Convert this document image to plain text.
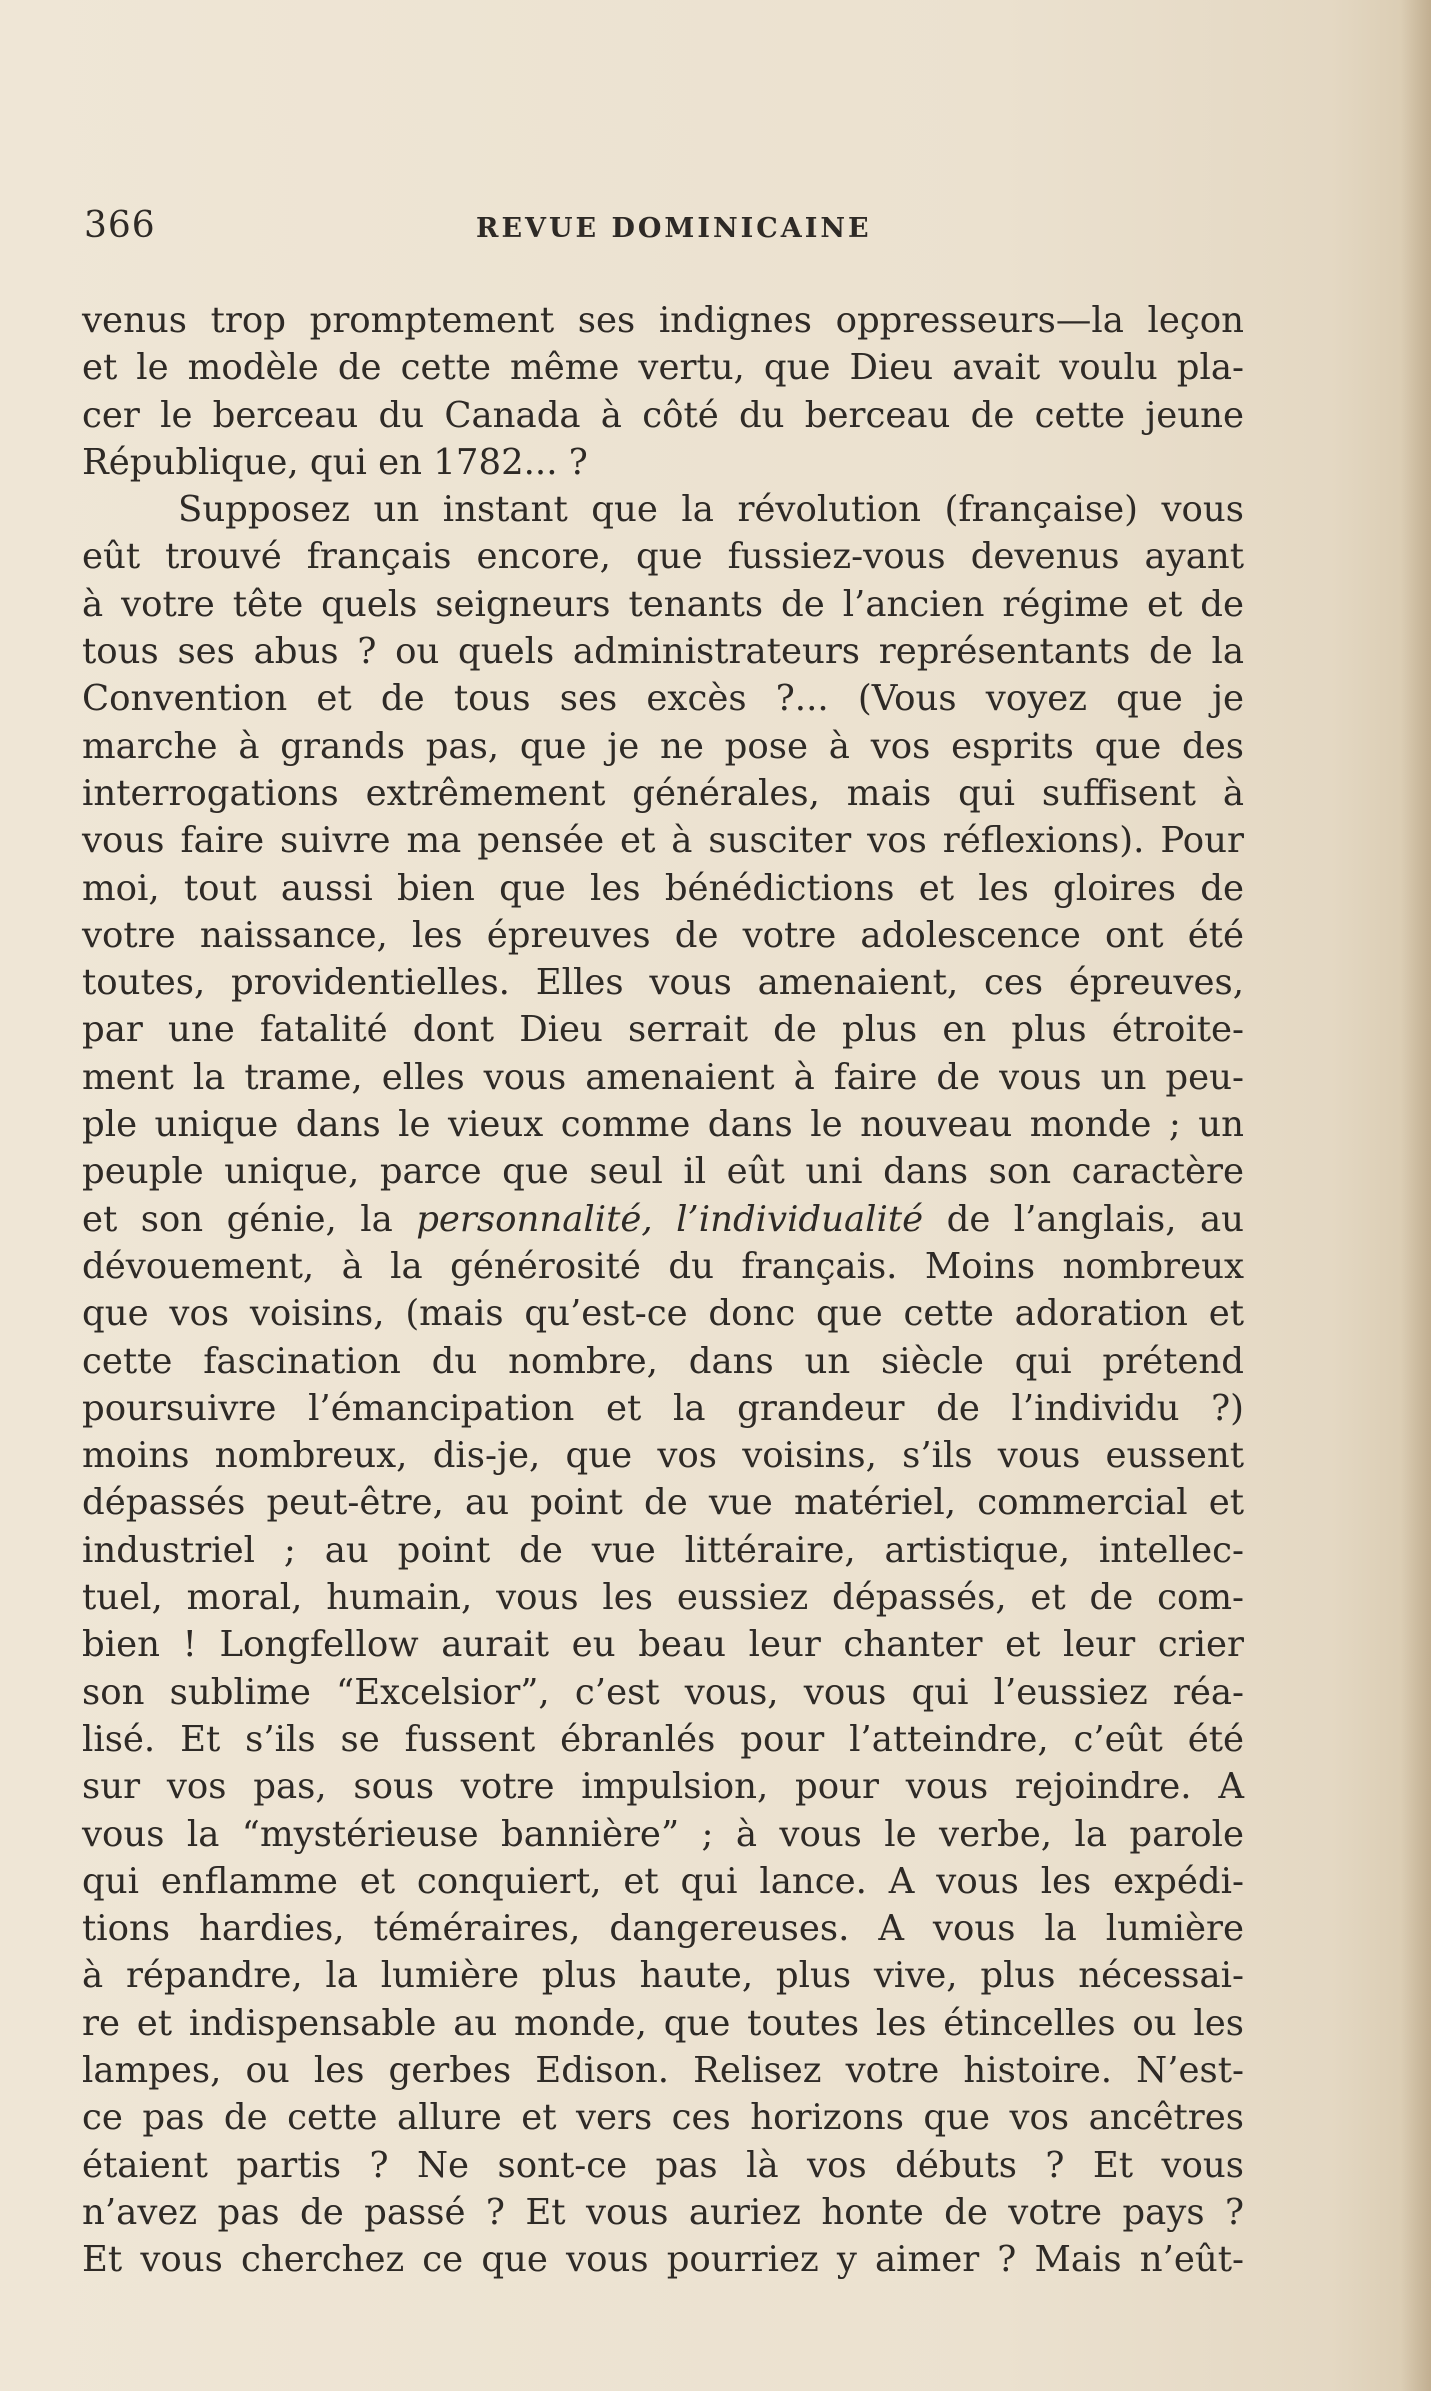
366	REVUE DOMINICAINE
venus trop promptement ses indignes oppresseurs—la leçon
et le modèle de cette même vertu, que Dieu avait voulu pla-
cer le berceau du Canada à côté du berceau de cette jeune
République, qui en 1782... ?
Supposez un instant que la révolution (française) vous
eût trouvé français encore, que fussiez-vous devenus ayant
à votre tête quels seigneurs tenants de l’ancien régime et de
tous ses abus ? ou quels administrateurs représentants de la
Convention et de tous ses excès ?... (Vous voyez que je
marche à grands pas, que je ne pose à vos esprits que des
interrogations extrêmement générales, mais qui suffisent à
vous faire suivre ma pensée et à susciter vos réflexions). Pour
moi, tout aussi bien que les bénédictions et les gloires de
votre naissance, les épreuves de votre adolescence ont été
toutes, providentielles. Elles vous amenaient, ces épreuves,
par une fatalité dont Dieu serrait de plus en plus étroite-
ment la trame, elles vous amenaient à faire de vous un peu-
ple unique dans le vieux comme dans le nouveau monde ; un
peuple unique, parce que seul il eût uni dans son caractère
et son génie, la personnalité, l’individualité de l’anglais, au
dévouement, à la générosité du français. Moins nombreux
que vos voisins, (mais qu’est-ce donc que cette adoration et
cette fascination du nombre, dans un siècle qui prétend
poursuivre l’émancipation et la grandeur de l’individu ?)
moins nombreux, dis-je, que vos voisins, s’ils vous eussent
dépassés peut-être, au point de vue matériel, commercial et
industriel ; au point de vue littéraire, artistique, intellec-
tuel, moral, humain, vous les eussiez dépassés, et de com-
bien ! Longfellow aurait eu beau leur chanter et leur crier
son sublime “Excelsior”, c’est vous, vous qui l’eussiez réa-
lisé. Et s’ils se fussent ébranlés pour l’atteindre, c’eût été
sur vos pas, sous votre impulsion, pour vous rejoindre. A
vous la “mystérieuse bannière” ; à vous le verbe, la parole
qui enflamme et conquiert, et qui lance. A vous les expédi-
tions hardies, téméraires, dangereuses. A vous la lumière
à répandre, la lumière plus haute, plus vive, plus nécessai-
re et indispensable au monde, que toutes les étincelles ou les
lampes, ou les gerbes Edison. Relisez votre histoire. N’est-
ce pas de cette allure et vers ces horizons que vos ancêtres
étaient partis ? Ne sont-ce pas là vos débuts ? Et vous
n’avez pas de passé ? Et vous auriez honte de votre pays ?
Et vous cherchez ce que vous pourriez y aimer ? Mais n’eût-
